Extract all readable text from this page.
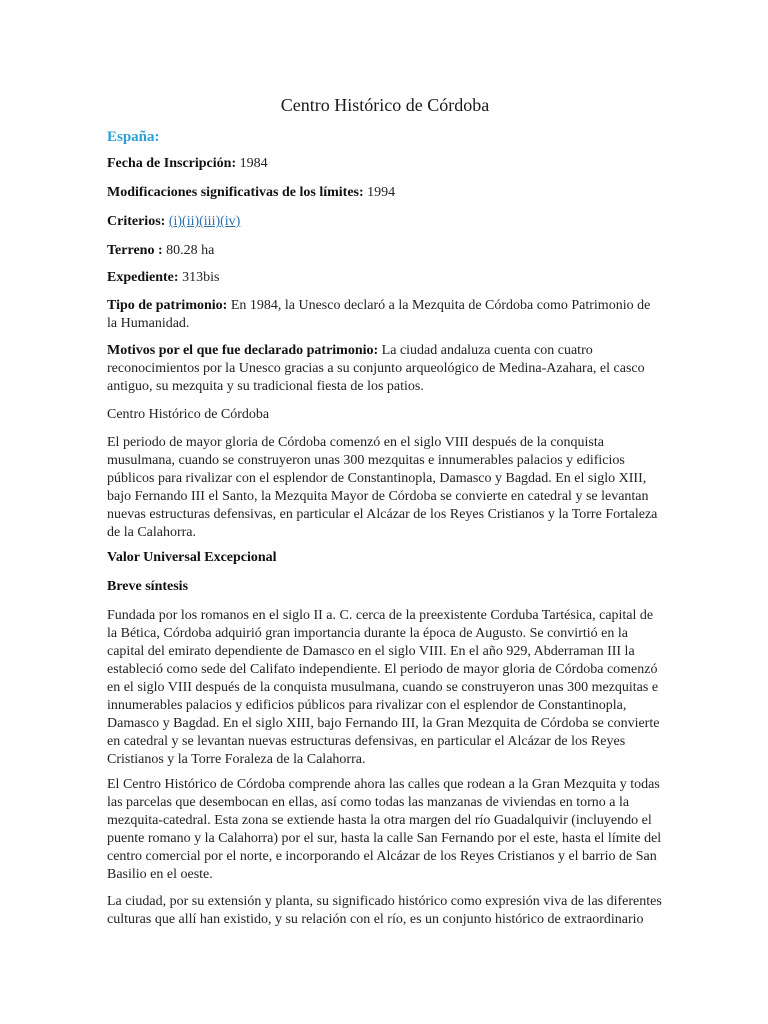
Centro Histórico de Córdoba
España:
Fecha de Inscripción: 1984
Modificaciones significativas de los límites: 1994
Criterios: (i)(ii)(iii)(iv)
Terreno : 80.28 ha
Expediente: 313bis
Tipo de patrimonio: En 1984, la Unesco declaró a la Mezquita de Córdoba como Patrimonio de la Humanidad.
Motivos por el que fue declarado patrimonio: La ciudad andaluza cuenta con cuatro reconocimientos por la Unesco gracias a su conjunto arqueológico de Medina-Azahara, el casco antiguo, su mezquita y su tradicional fiesta de los patios.

Centro Histórico de Córdoba

El periodo de mayor gloria de Córdoba comenzó en el siglo VIII después de la conquista musulmana, cuando se construyeron unas 300 mezquitas e innumerables palacios y edificios públicos para rivalizar con el esplendor de Constantinopla, Damasco y Bagdad. En el siglo XIII, bajo Fernando III el Santo, la Mezquita Mayor de Córdoba se convierte en catedral y se levantan nuevas estructuras defensivas, en particular el Alcázar de los Reyes Cristianos y la Torre Fortaleza de la Calahorra.

Valor Universal Excepcional

Breve síntesis

Fundada por los romanos en el siglo II a. C. cerca de la preexistente Corduba Tartésica, capital de la Bética, Córdoba adquirió gran importancia durante la época de Augusto. Se convirtió en la capital del emirato dependiente de Damasco en el siglo VIII. En el año 929, Abderraman III la estableció como sede del Califato independiente. El periodo de mayor gloria de Córdoba comenzó en el siglo VIII después de la conquista musulmana, cuando se construyeron unas 300 mezquitas e innumerables palacios y edificios públicos para rivalizar con el esplendor de Constantinopla, Damasco y Bagdad. En el siglo XIII, bajo Fernando III, la Gran Mezquita de Córdoba se convierte en catedral y se levantan nuevas estructuras defensivas, en particular el Alcázar de los Reyes Cristianos y la Torre Foraleza de la Calahorra.

El Centro Histórico de Córdoba comprende ahora las calles que rodean a la Gran Mezquita y todas las parcelas que desembocan en ellas, así como todas las manzanas de viviendas en torno a la mezquita-catedral. Esta zona se extiende hasta la otra margen del río Guadalquivir (incluyendo el puente romano y la Calahorra) por el sur, hasta la calle San Fernando por el este, hasta el límite del centro comercial por el norte, e incorporando el Alcázar de los Reyes Cristianos y el barrio de San Basilio en el oeste.

La ciudad, por su extensión y planta, su significado histórico como expresión viva de las diferentes culturas que allí han existido, y su relación con el río, es un conjunto histórico de extraordinario
